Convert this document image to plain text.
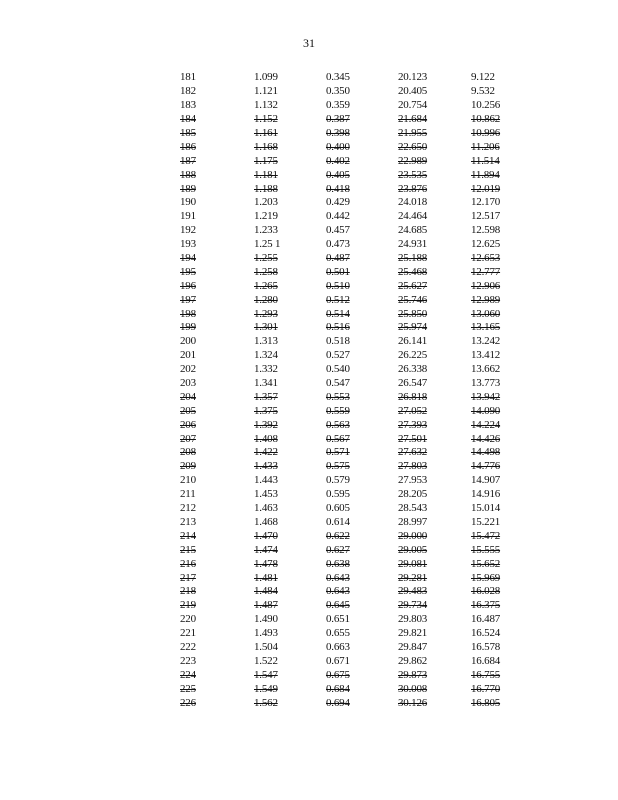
31
181	1.099	0.345	20.123	9.122
182	1.121	0.350	20.405	9.532
183	1.132	0.359	20.754	10.256
184	1.152	0.387	21.684	10.862
185	1.161	0.398	21.955	10.996
186	1.168	0.400	22.650	11.206
187	1.175	0.402	22.989	11.514
188	1.181	0.405	23.535	11.894
189	1.188	0.418	23.876	12.019
190	1.203	0.429	24.018	12.170
191	1.219	0.442	24.464	12.517
192	1.233	0.457	24.685	12.598
193	1.25 1	0.473	24.931	12.625
194	1.255	0.487	25.188	12.653
195	1.258	0.501	25.468	12.777
196	1.265	0.510	25.627	12.906
197	1.280	0.512	25.746	12.989
198	1.293	0.514	25.850	13.060
199	1.301	0.516	25.974	13.165
200	1.313	0.518	26.141	13.242
201	1.324	0.527	26.225	13.412
202	1.332	0.540	26.338	13.662
203	1.341	0.547	26.547	13.773
204	1.357	0.553	26.818	13.942
205	1.375	0.559	27.052	14.090
206	1.392	0.563	27.393	14.224
207	1.408	0.567	27.501	14.426
208	1.422	0.571	27.632	14.498
209	1.433	0.575	27.803	14.776
210	1.443	0.579	27.953	14.907
211	1.453	0.595	28.205	14.916
212	1.463	0.605	28.543	15.014
213	1.468	0.614	28.997	15.221
214	1.470	0.622	29.000	15.472
215	1.474	0.627	29.005	15.555
216	1.478	0.638	29.081	15.652
217	1.481	0.643	29.281	15.969
218	1.484	0.643	29.483	16.028
219	1.487	0.645	29.734	16.375
220	1.490	0.651	29.803	16.487
221	1.493	0.655	29.821	16.524
222	1.504	0.663	29.847	16.578
223	1.522	0.671	29.862	16.684
224	1.547	0.675	29.873	16.755
225	1.549	0.684	30.008	16.770
226	1.562	0.694	30.126	16.805
